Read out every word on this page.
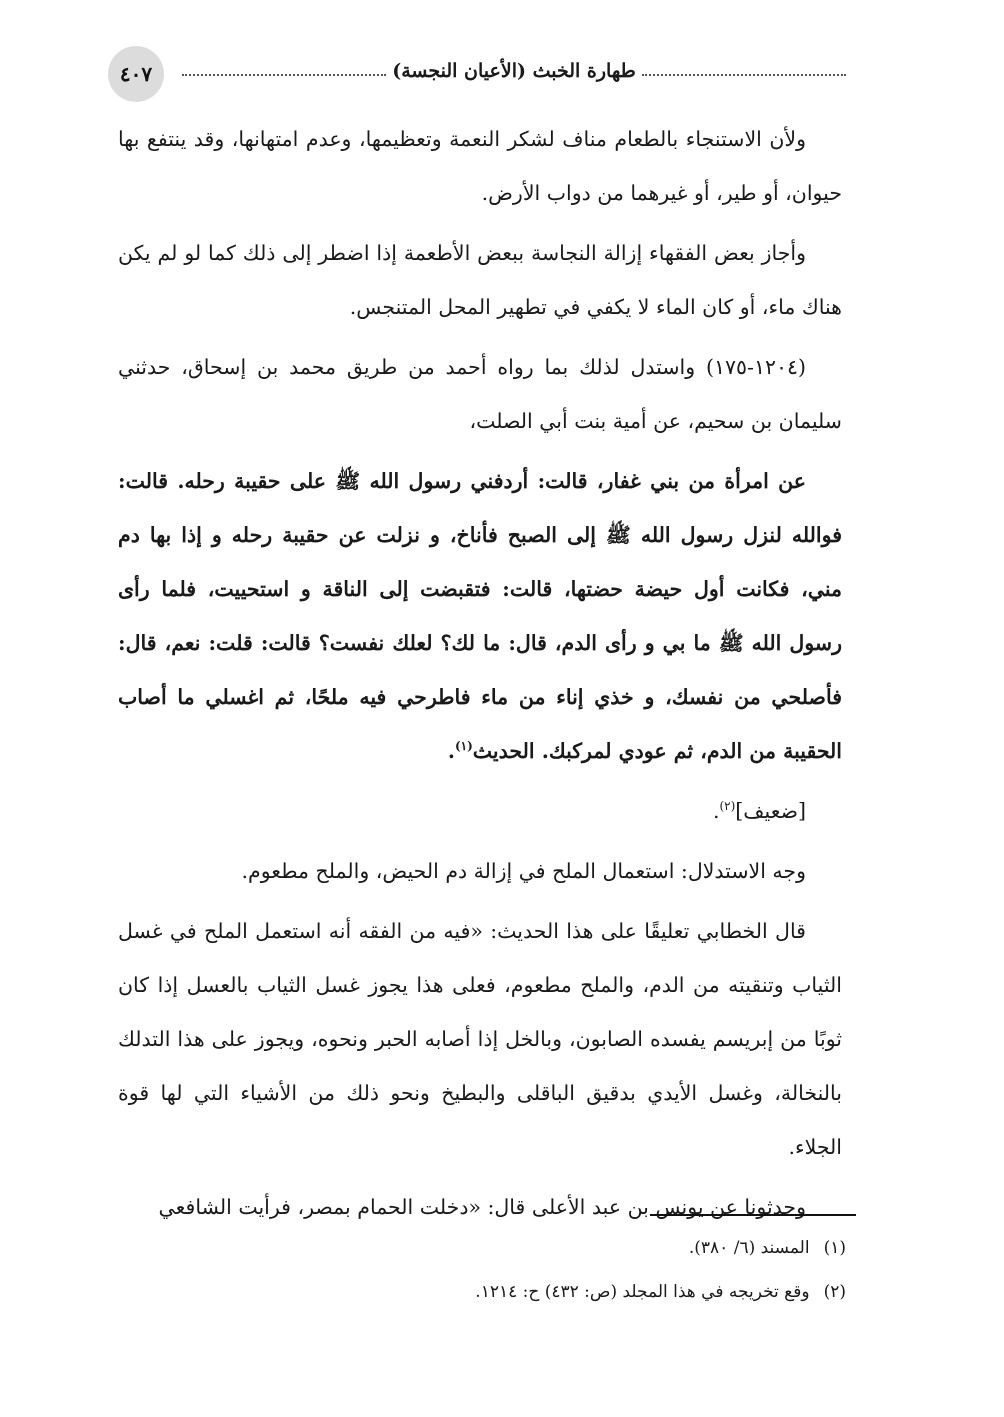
٤٠٧	طهارة الخبث (الأعيان النجسة)

ولأن الاستنجاء بالطعام مناف لشكر النعمة وتعظيمها، وعدم امتهانها، وقد ينتفع بها حيوان، أو طير، أو غيرهما من دواب الأرض.

وأجاز بعض الفقهاء إزالة النجاسة ببعض الأطعمة إذا اضطر إلى ذلك كما لو لم يكن هناك ماء، أو كان الماء لا يكفي في تطهير المحل المتنجس.

(١٢٠٤-١٧٥) واستدل لذلك بما رواه أحمد من طريق محمد بن إسحاق، حدثني سليمان بن سحيم، عن أمية بنت أبي الصلت،

عن امرأة من بني غفار، قالت: أردفني رسول الله ﷺ على حقيبة رحله. قالت: فوالله لنزل رسول الله ﷺ إلى الصبح فأناخ، و نزلت عن حقيبة رحله و إذا بها دم مني، فكانت أول حيضة حضتها، قالت: فتقبضت إلى الناقة و استحييت، فلما رأى رسول الله ﷺ ما بي و رأى الدم، قال: ما لك؟ لعلك نفست؟ قالت: قلت: نعم، قال: فأصلحي من نفسك، و خذي إناء من ماء فاطرحي فيه ملحًا، ثم اغسلي ما أصاب الحقيبة من الدم، ثم عودي لمركبك. الحديث$^{(١)}$.

[ضعيف]$^{(٢)}$.

وجه الاستدلال: استعمال الملح في إزالة دم الحيض، والملح مطعوم.

قال الخطابي تعليقًا على هذا الحديث: «فيه من الفقه أنه استعمل الملح في غسل الثياب وتنقيته من الدم، والملح مطعوم، فعلى هذا يجوز غسل الثياب بالعسل إذا كان ثوبًا من إبريسم يفسده الصابون، وبالخل إذا أصابه الحبر ونحوه، ويجوز على هذا التدلك بالنخالة، وغسل الأيدي بدقيق الباقلى والبطيخ ونحو ذلك من الأشياء التي لها قوة الجلاء.

وحدثونا عن يونس بن عبد الأعلى قال: «دخلت الحمام بمصر، فرأيت الشافعي

(١)المسند (٦/ ٣٨٠).

(٢)وقع تخريجه في هذا المجلد (ص: ٤٣٢) ح: ١٢١٤.
